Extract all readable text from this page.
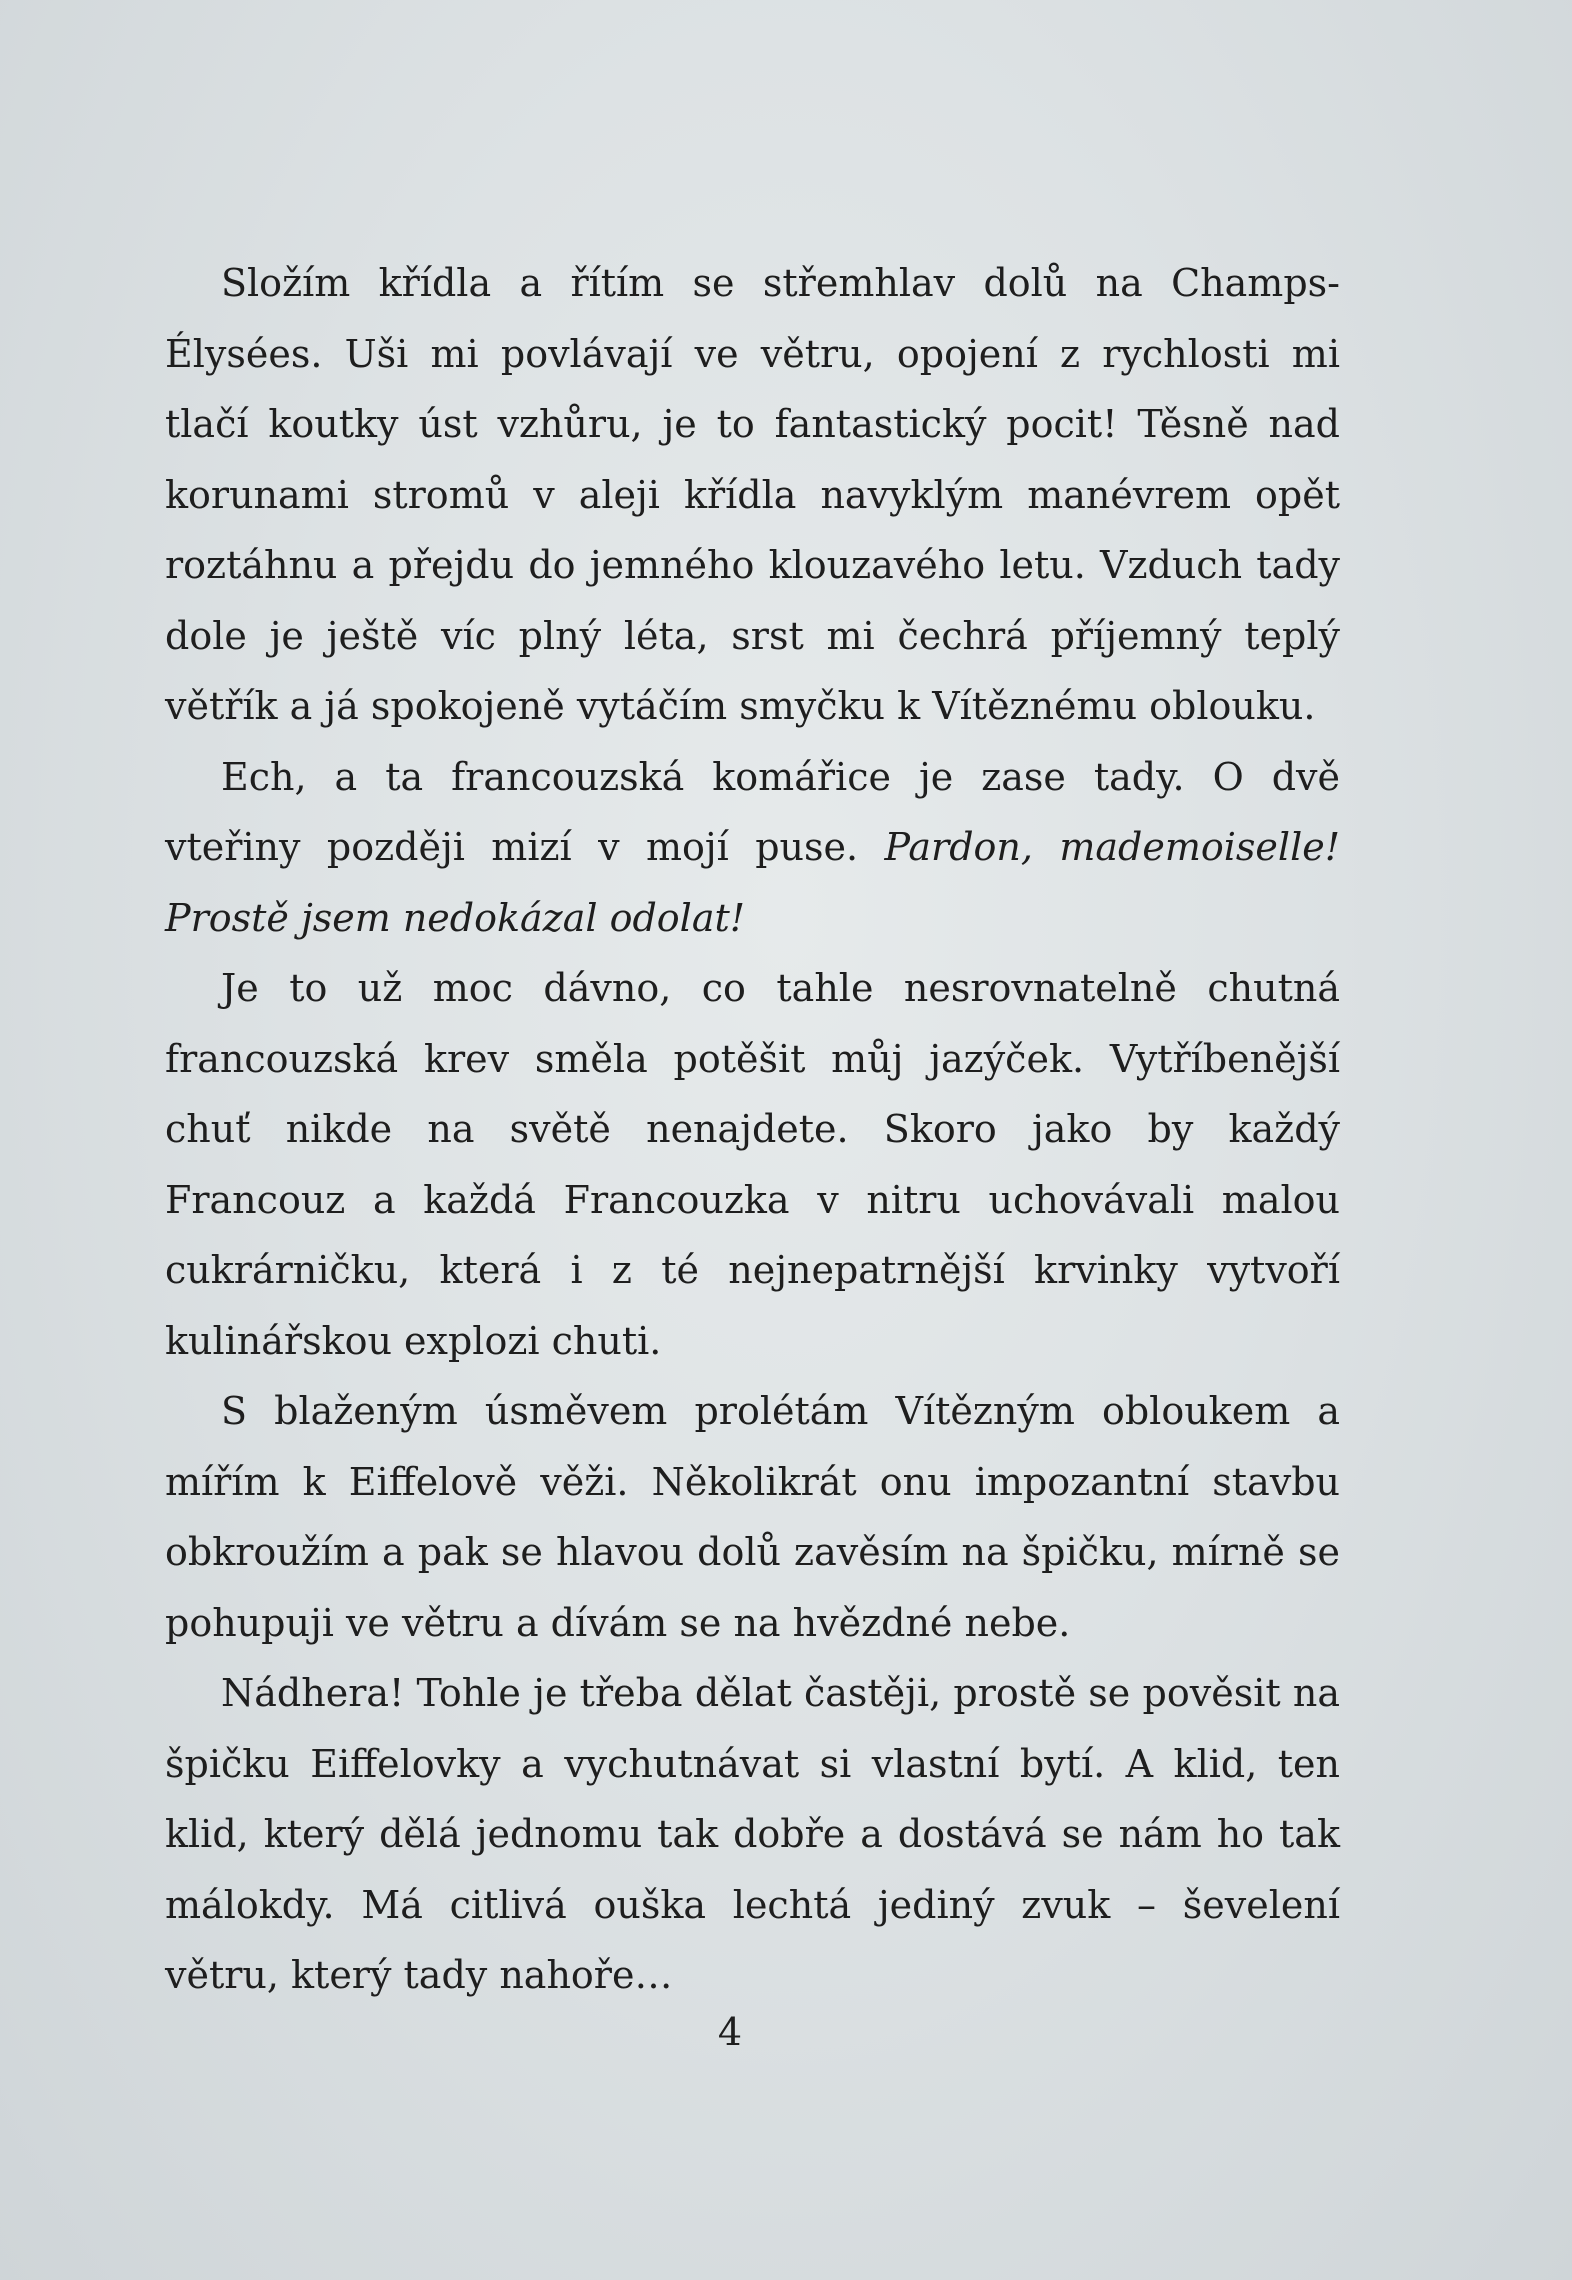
Složím křídla a řítím se střemhlav dolů na Champs-Élysées. Uši mi povlávají ve větru, opojení z rychlosti mi tlačí koutky úst vzhůru, je to fantastický pocit! Těsně nad korunami stromů v aleji křídla navyklým manévrem opět roztáhnu a přejdu do jemného klouzavého letu. Vzduch tady dole je ještě víc plný léta, srst mi čechrá příjemný teplý větřík a já spokojeně vytáčím smyčku k Vítěznému oblouku.

Ech, a ta francouzská komářice je zase tady. O dvě vteřiny později mizí v mojí puse. Pardon, mademoiselle! Prostě jsem nedokázal odolat!

Je to už moc dávno, co tahle nesrovnatelně chutná francouzská krev směla potěšit můj jazýček. Vytříbenější chuť nikde na světě nenajdete. Skoro jako by každý Francouz a každá Francouzka v nitru uchovávali malou cukrárničku, která i z té nejnepatrnější krvinky vytvoří kulinářskou explozi chuti.

S blaženým úsměvem prolétám Vítězným obloukem a mířím k Eiffelově věži. Několikrát onu impozantní stavbu obkroužím a pak se hlavou dolů zavěsím na špičku, mírně se pohupuji ve větru a dívám se na hvězdné nebe.

Nádhera! Tohle je třeba dělat častěji, prostě se pověsit na špičku Eiffelovky a vychutnávat si vlastní bytí. A klid, ten klid, který dělá jednomu tak dobře a dostává se nám ho tak málokdy. Má citlivá ouška lechtá jediný zvuk – ševelení větru, který tady nahoře…

4
